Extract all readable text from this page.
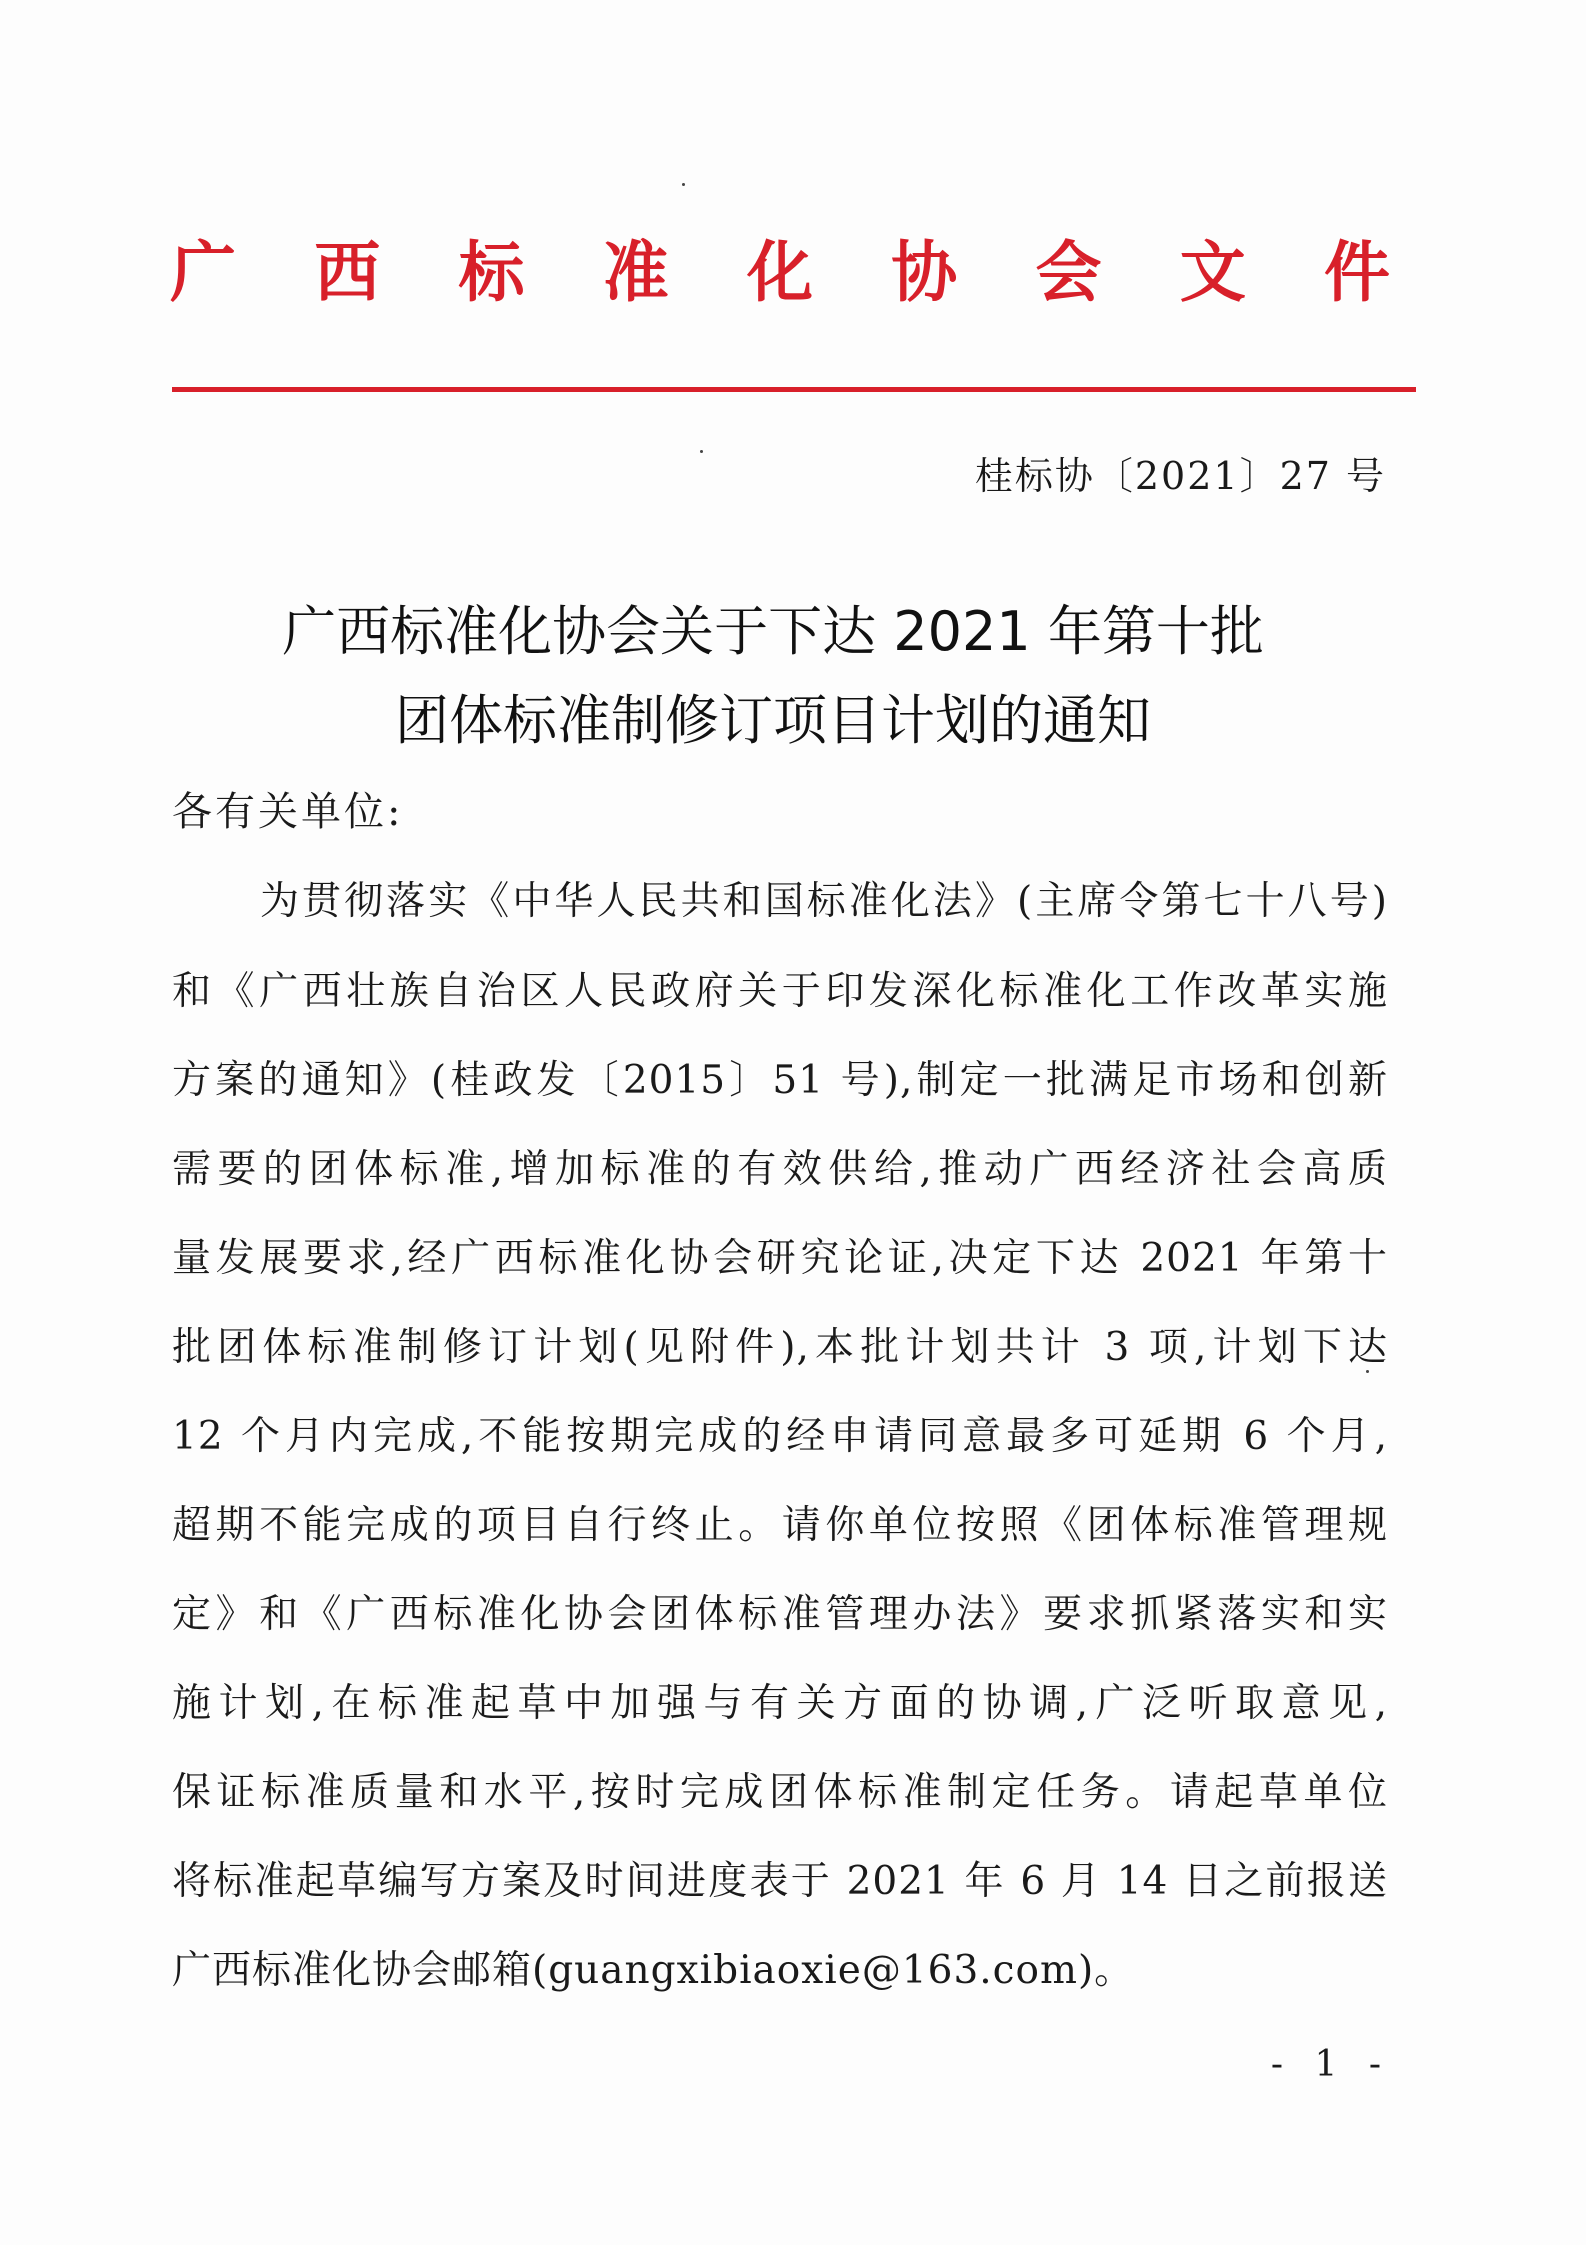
广 西 标 准 化 协 会 文 件
桂标协〔2021〕27 号
广西标准化协会关于下达 2021 年第十批
团体标准制修订项目计划的通知
各有关单位:
为贯彻落实《中华人民共和国标准化法》(主席令第七十八号)
和《广西壮族自治区人民政府关于印发深化标准化工作改革实施
方案的通知》(桂政发〔2015〕51 号),制定一批满足市场和创新
需要的团体标准,增加标准的有效供给,推动广西经济社会高质
量发展要求,经广西标准化协会研究论证,决定下达 2021 年第十
批团体标准制修订计划(见附件),本批计划共计 3 项,计划下达
12 个月内完成,不能按期完成的经申请同意最多可延期 6 个月,
超期不能完成的项目自行终止。请你单位按照《团体标准管理规
定》和《广西标准化协会团体标准管理办法》要求抓紧落实和实
施计划,在标准起草中加强与有关方面的协调,广泛听取意见,
保证标准质量和水平,按时完成团体标准制定任务。请起草单位
将标准起草编写方案及时间进度表于 2021 年 6 月 14 日之前报送
广西标准化协会邮箱(guangxibiaoxie@163.com)。
- 1 -
